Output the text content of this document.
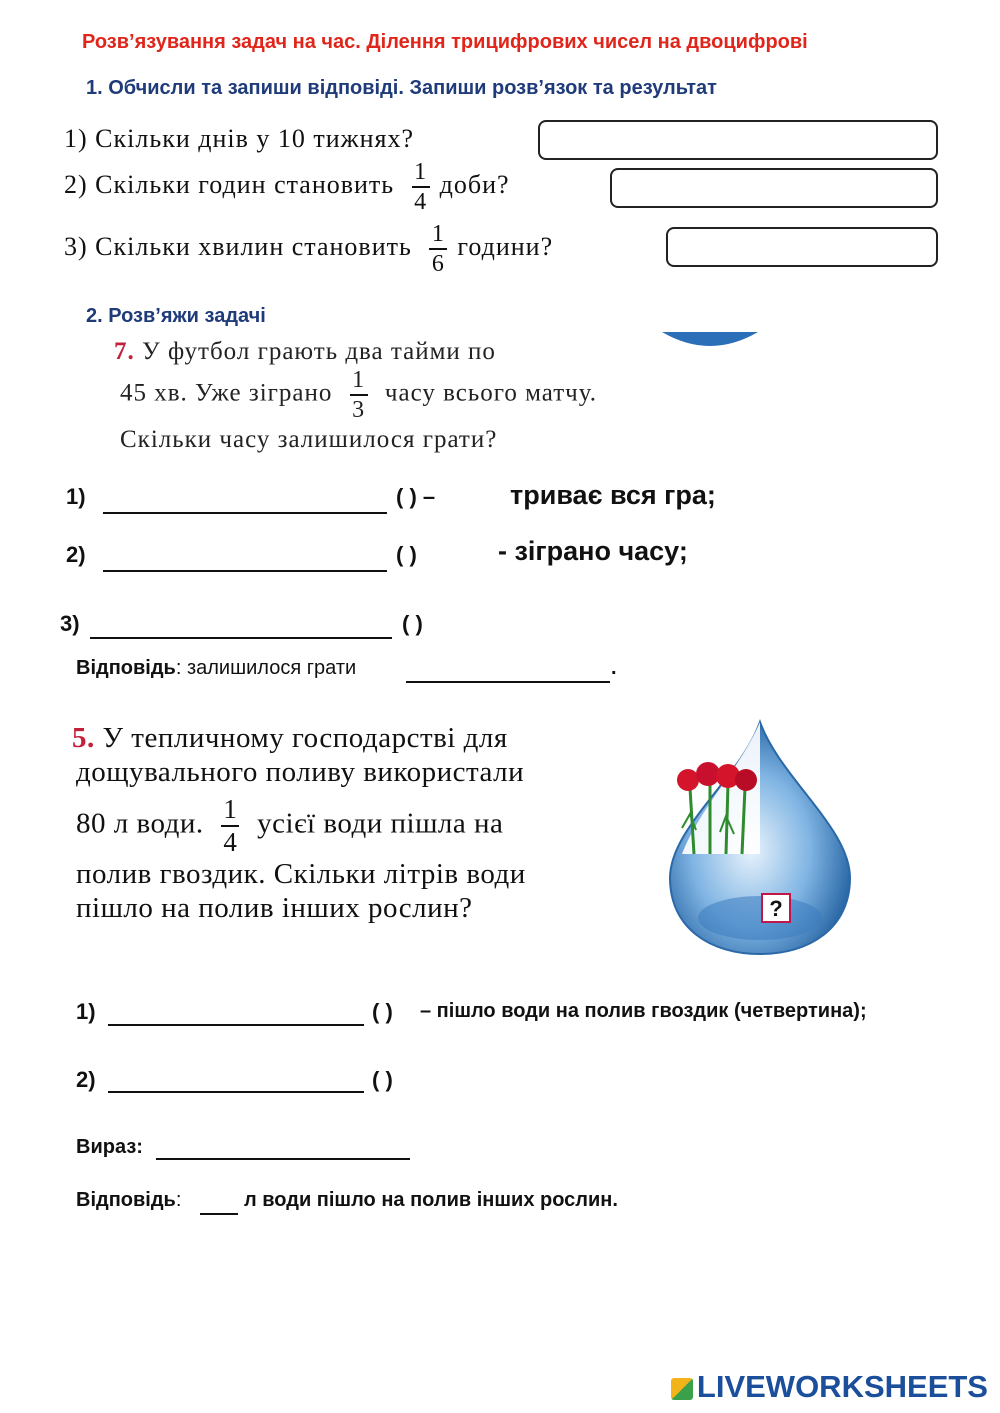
Розв’язування задач на час. Ділення трицифрових чисел на двоцифрові
1. Обчисли та запиши відповіді. Запиши розв’язок та результат
1) Скільки днів у 10 тижнях?
2) Скільки годин становить $\frac{1}{4}$ доби?
3) Скільки хвилин становить $\frac{1}{6}$ години?
2. Розв’яжи задачі
7. У футбол грають два тайми по
45 хв. Уже зіграно $\frac{1}{3}$ часу всього матчу.
Скільки часу залишилося грати?
1)	( ) –	триває вся гра;
2)	( )	- зіграно часу;
3)	( )
Відповідь: залишилося грати	.
5. У тепличному господарстві для
дощувального поливу використали
80 л води. $\frac{1}{4}$ усієї води пішла на
полив гвоздик. Скільки літрів води
пішло на полив інших рослин?	?
1)	( ) – пішло води на полив гвоздик (четвертина);
2)	( )
Вираз:
Відповідь:	л води пішло на полив інших рослин.
LIVEWORKSHEETS
